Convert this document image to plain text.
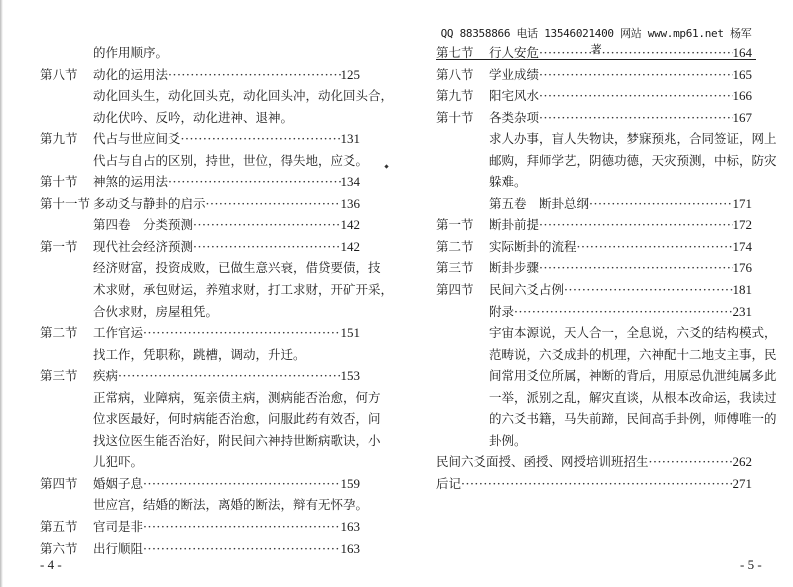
的作用顺序。
第八节	动化的运用法 ·····	125
动化回头生，动化回头克，动化回头冲，动化回头合，
动化伏吟、反吟，动化进神、退神。
第九节	代占与世应间爻 ·····	131
代占与自占的区别，持世，世位，得失地，应爻。
第十节	神煞的运用法 ·····	134
第十一节 多动爻与静卦的启示 ·····	136
第四卷　分类预测 ·····	142
第一节	现代社会经济预测 ·····	142
经济财富，投资成败，已做生意兴衰，借贷要债，技
术求财，承包财运，养殖求财，打工求财，开矿开采，
合伙求财，房屋租凭。
第二节	工作官运 ·····	151
找工作，凭职称，跳槽，调动，升迁。
第三节	疾病 ·····	153
正常病，业障病，冤亲债主病，测病能否治愈，何方
位求医最好，何时病能否治愈，问服此药有效否，问
找这位医生能否治好，附民间六神持世断病歌诀，小
儿犯吓。
第四节	婚姻子息 ·····	159
世应宫，结婚的断法，离婚的断法，辩有无怀孕。
第五节	官司是非 ·····	163
第六节	出行顺阻 ·····	163
- 4 -
QQ 88358866 电话 13546021400 网站 www.mp61.net 杨军著
第七节	行人安危 ·····	164
第八节	学业成绩 ·····	165
第九节	阳宅风水 ·····	166
第十节	各类杂项 ·····	167
求人办事，盲人失物诀，梦寐预兆，合同签证，网上
邮购，拜师学艺，阴德功德，天灾预测，中标，防灾
躲难。
第五卷　断卦总纲 ·····	171
第一节	断卦前提 ·····	172
第二节	实际断卦的流程 ·····	174
第三节	断卦步骤 ·····	176
第四节	民间六爻占例 ·····	181
附录 ·····	231
宇宙本源说，天人合一，全息说，六爻的结构模式，
范畴说，六爻成卦的机理，六神配十二地支主事，民
间常用爻位所属，神断的背后，用原忌仇泄纯属多此
一举，派别之乱，解灾直谈，从根本改命运，我读过
的六爻书籍，马失前蹄，民间高手卦例，师傅唯一的
卦例。
民间六爻面授、函授、网授培训班招生 ·····	262
后记 ·····	271
- 5 -
